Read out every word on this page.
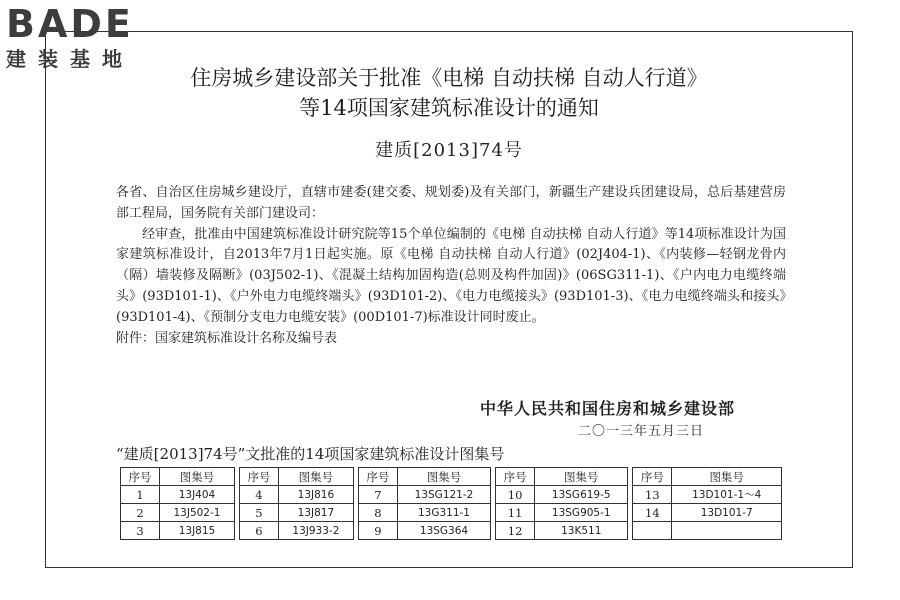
BADE
建装基地
住房城乡建设部关于批准《电梯 自动扶梯 自动人行道》
等14项国家建筑标准设计的通知
建质[2013]74号

各省、自治区住房城乡建设厅，直辖市建委(建交委、规划委)及有关部门，新疆生产建设兵团建设局，总后基建营房部工程局，国务院有关部门建设司：

经审查，批准由中国建筑标准设计研究院等15个单位编制的《电梯 自动扶梯 自动人行道》等14项标准设计为国家建筑标准设计，自2013年7月1日起实施。原《电梯 自动扶梯 自动人行道》(02J404-1)、《内装修—轻钢龙骨内（隔）墙装修及隔断》(03J502-1)、《混凝土结构加固构造(总则及构件加固)》(06SG311-1)、《户内电力电缆终端头》(93D101-1)、《户外电力电缆终端头》(93D101-2)、《电力电缆接头》(93D101-3)、《电力电缆终端头和接头》(93D101-4)、《预制分支电力电缆安装》(00D101-7)标准设计同时废止。

附件：国家建筑标准设计名称及编号表

中华人民共和国住房和城乡建设部
二〇一三年五月三日
“建质[2013]74号”文批准的14项国家建筑标准设计图集号
序号	图集号		序号	图集号		序号	图集号		序号	图集号		序号	图集号
1	13J404		4	13J816		7	13SG121-2		10	13SG619-5		13	13D101-1～4
2	13J502-1		5	13J817		8	13G311-1		11	13SG905-1		14	13D101-7
3	13J815		6	13J933-2		9	13SG364		12	13K511			
